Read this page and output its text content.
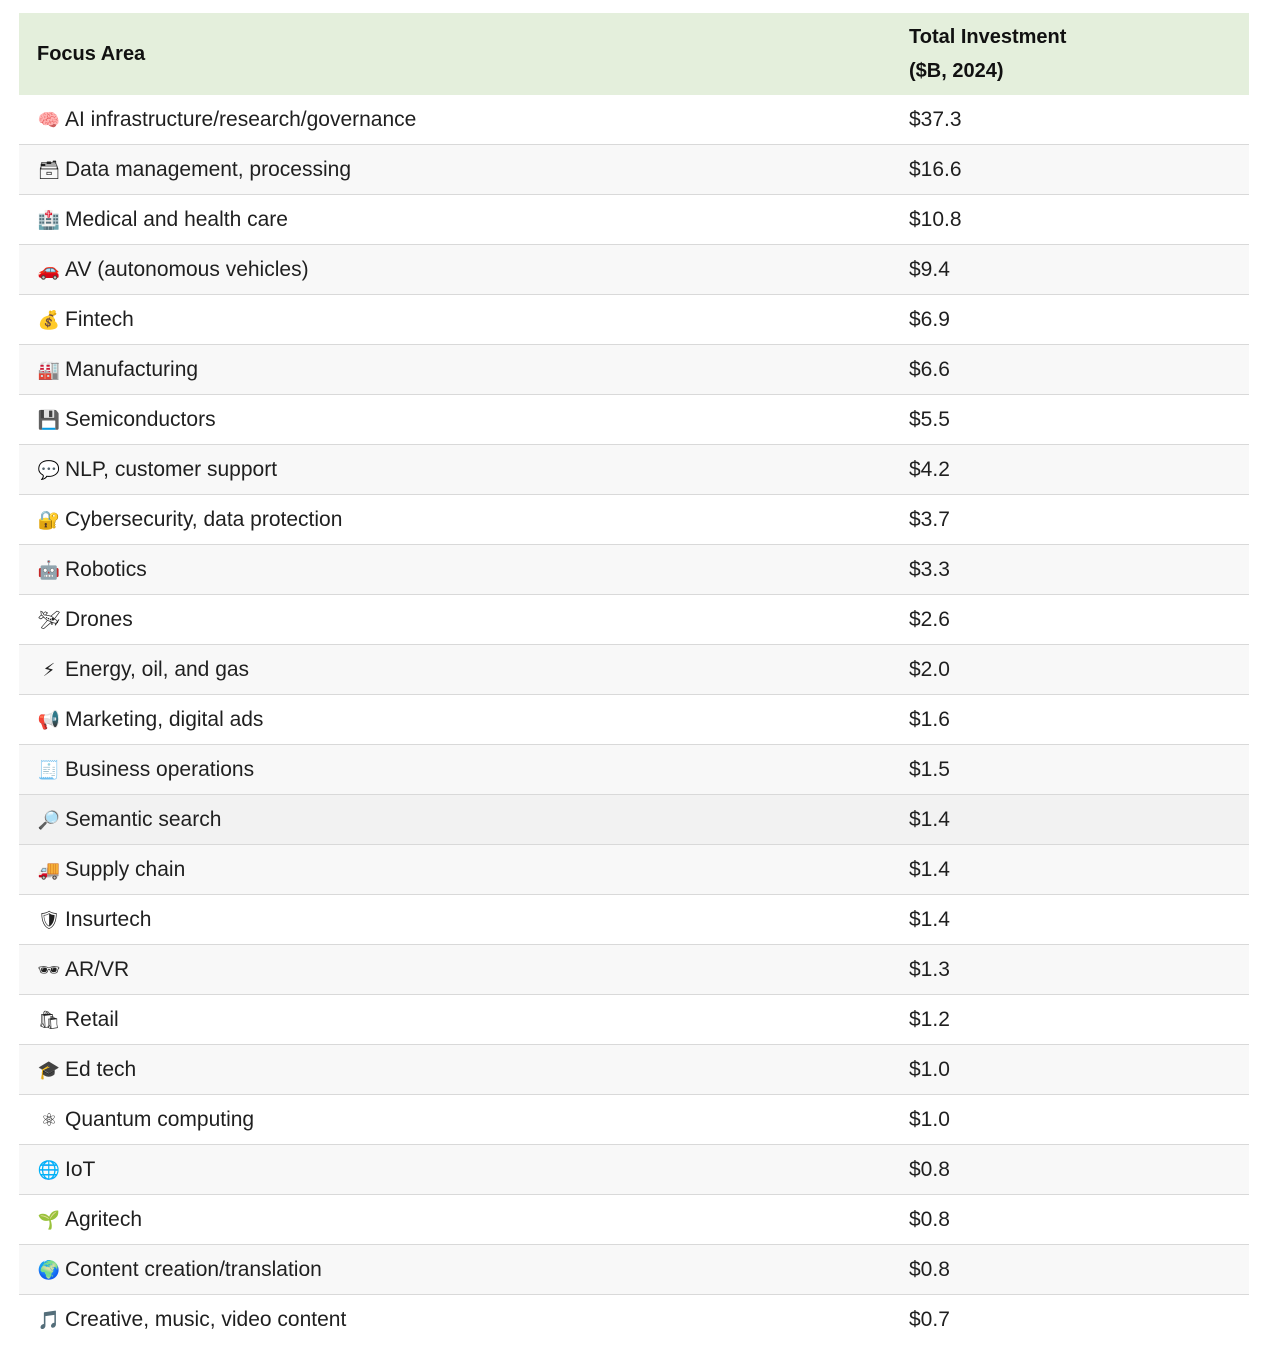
Focus Area	Total Investment
($B, 2024)
🧠 AI infrastructure/research/governance	$37.3
🗃 Data management, processing	$16.6
🏥 Medical and health care	$10.8
🚗 AV (autonomous vehicles)	$9.4
💰 Fintech	$6.9
🏭 Manufacturing	$6.6
💾 Semiconductors	$5.5
💬 NLP, customer support	$4.2
🔐 Cybersecurity, data protection	$3.7
🤖 Robotics	$3.3
🛩 Drones	$2.6
⚡ Energy, oil, and gas	$2.0
📢 Marketing, digital ads	$1.6
🧾 Business operations	$1.5
🔎 Semantic search	$1.4
🚚 Supply chain	$1.4
🛡 Insurtech	$1.4
🕶 AR/VR	$1.3
🛍 Retail	$1.2
🎓 Ed tech	$1.0
⚛ Quantum computing	$1.0
🌐 IoT	$0.8
🌱 Agritech	$0.8
🌍 Content creation/translation	$0.8
🎵 Creative, music, video content	$0.7
